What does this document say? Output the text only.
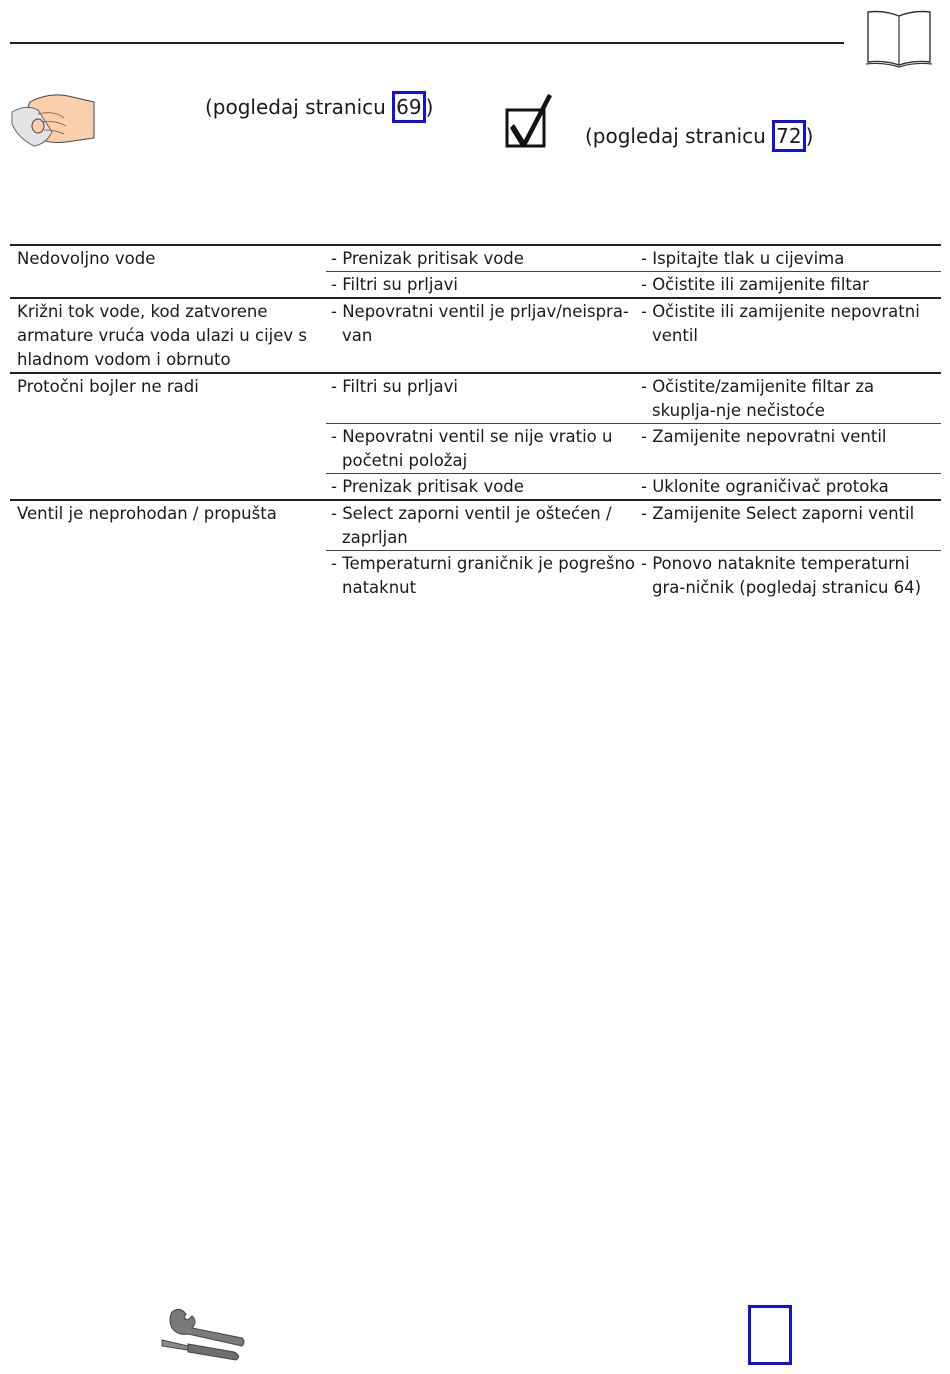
(pogledaj stranicu 69 )
(pogledaj stranicu 72 )
Nedovoljno vode	- Prenizak pritisak vode	- Ispitajte tlak u cijevima

	- Filtri su prljavi	- Očistite ili zamijenite filtar

Križni tok vode, kod zatvorene armature vruća voda ulazi u cijev s hladnom vodom i obrnuto	- Nepovratni ventil je prljav/neispra-van	- Očistite ili zamijenite nepovratni ventil

Protočni bojler ne radi	- Filtri su prljavi	- Očistite/zamijenite filtar za skuplja-nje nečistoće

	- Nepovratni ventil se nije vratio u početni položaj	- Zamijenite nepovratni ventil

	- Prenizak pritisak vode	- Uklonite ograničivač protoka

Ventil je neprohodan / propušta	- Select zaporni ventil je oštećen / zaprljan	- Zamijenite Select zaporni ventil

	- Temperaturni graničnik je pogrešno nataknut	- Ponovo nataknite temperaturni gra-ničnik (pogledaj stranicu 64)
